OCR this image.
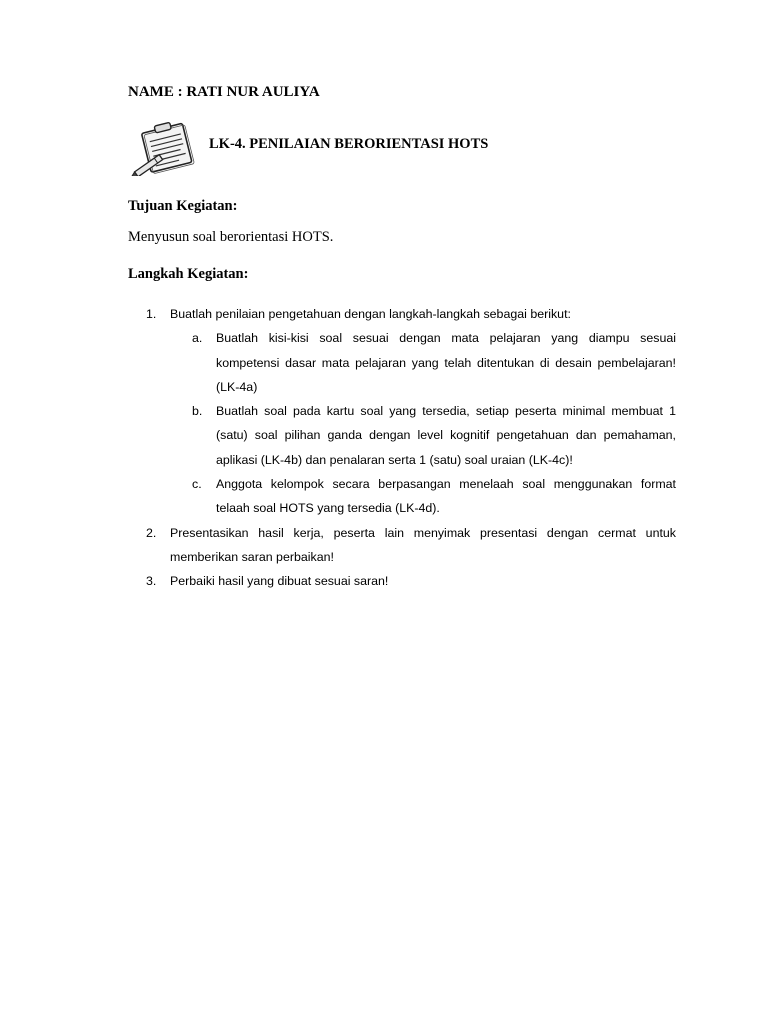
NAME : RATI NUR AULIYA
LK-4. PENILAIAN BERORIENTASI HOTS
Tujuan Kegiatan:
Menyusun soal berorientasi HOTS.
Langkah Kegiatan:
1. Buatlah penilaian pengetahuan dengan langkah-langkah sebagai berikut:
a. Buatlah kisi-kisi soal sesuai dengan mata pelajaran yang diampu sesuai kompetensi dasar mata pelajaran yang telah ditentukan di desain pembelajaran! (LK-4a)
b. Buatlah soal pada kartu soal yang tersedia, setiap peserta minimal membuat 1 (satu) soal pilihan ganda dengan level kognitif pengetahuan dan pemahaman, aplikasi (LK-4b) dan penalaran serta 1 (satu) soal uraian (LK-4c)!
c. Anggota kelompok secara berpasangan menelaah soal menggunakan format telaah soal HOTS yang tersedia (LK-4d).
2. Presentasikan hasil kerja, peserta lain menyimak presentasi dengan cermat untuk memberikan saran perbaikan!
3. Perbaiki hasil yang dibuat sesuai saran!
